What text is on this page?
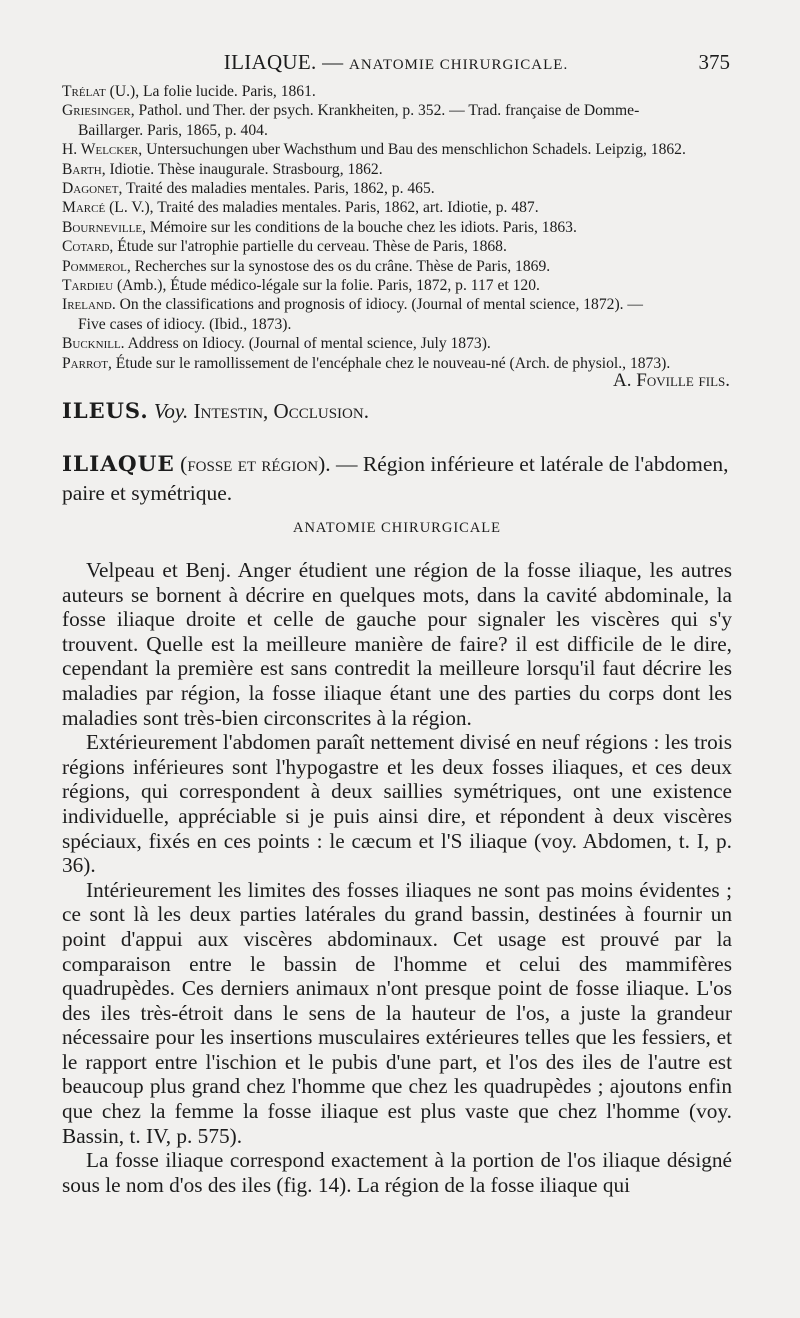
ILIAQUE. — ANATOMIE CHIRURGICALE.	375
Trélat (U.), La folie lucide. Paris, 1861.
Griesinger, Pathol. und Ther. der psych. Krankheiten, p. 352. — Trad. française de Domme-
Baillarger. Paris, 1865, p. 404.
H. Welcker, Untersuchungen uber Wachsthum und Bau des menschlichon Schadels. Leipzig, 1862.
Barth, Idiotie. Thèse inaugurale. Strasbourg, 1862.
Dagonet, Traité des maladies mentales. Paris, 1862, p. 465.
Marcé (L. V.), Traité des maladies mentales. Paris, 1862, art. Idiotie, p. 487.
Bourneville, Mémoire sur les conditions de la bouche chez les idiots. Paris, 1863.
Cotard, Étude sur l'atrophie partielle du cerveau. Thèse de Paris, 1868.
Pommerol, Recherches sur la synostose des os du crâne. Thèse de Paris, 1869.
Tardieu (Amb.), Étude médico-légale sur la folie. Paris, 1872, p. 117 et 120.
Ireland. On the classifications and prognosis of idiocy. (Journal of mental science, 1872). —
Five cases of idiocy. (Ibid., 1873).
Bucknill. Address on Idiocy. (Journal of mental science, July 1873).
Parrot, Étude sur le ramollissement de l'encéphale chez le nouveau-né (Arch. de physiol., 1873).
A. Foville fils.
ILEUS. Voy. Intestin, Occlusion.
ILIAQUE (fosse et région). — Région inférieure et latérale de l'abdomen, paire et symétrique.
ANATOMIE CHIRURGICALE

Velpeau et Benj. Anger étudient une région de la fosse iliaque, les autres auteurs se bornent à décrire en quelques mots, dans la cavité abdominale, la fosse iliaque droite et celle de gauche pour signaler les viscères qui s'y trouvent. Quelle est la meilleure manière de faire? il est difficile de le dire, cependant la première est sans contredit la meilleure lorsqu'il faut décrire les maladies par région, la fosse iliaque étant une des parties du corps dont les maladies sont très-bien circonscrites à la région.

Extérieurement l'abdomen paraît nettement divisé en neuf régions : les trois régions inférieures sont l'hypogastre et les deux fosses iliaques, et ces deux régions, qui correspondent à deux saillies symétriques, ont une existence individuelle, appréciable si je puis ainsi dire, et répondent à deux viscères spéciaux, fixés en ces points : le cæcum et l'S iliaque (voy. Abdomen, t. I, p. 36).

Intérieurement les limites des fosses iliaques ne sont pas moins évidentes ; ce sont là les deux parties latérales du grand bassin, destinées à fournir un point d'appui aux viscères abdominaux. Cet usage est prouvé par la comparaison entre le bassin de l'homme et celui des mammifères quadrupèdes. Ces derniers animaux n'ont presque point de fosse iliaque. L'os des iles très-étroit dans le sens de la hauteur de l'os, a juste la grandeur nécessaire pour les insertions musculaires extérieures telles que les fessiers, et le rapport entre l'ischion et le pubis d'une part, et l'os des iles de l'autre est beaucoup plus grand chez l'homme que chez les quadrupèdes ; ajoutons enfin que chez la femme la fosse iliaque est plus vaste que chez l'homme (voy. Bassin, t. IV, p. 575).

La fosse iliaque correspond exactement à la portion de l'os iliaque désigné sous le nom d'os des iles (fig. 14). La région de la fosse iliaque qui
